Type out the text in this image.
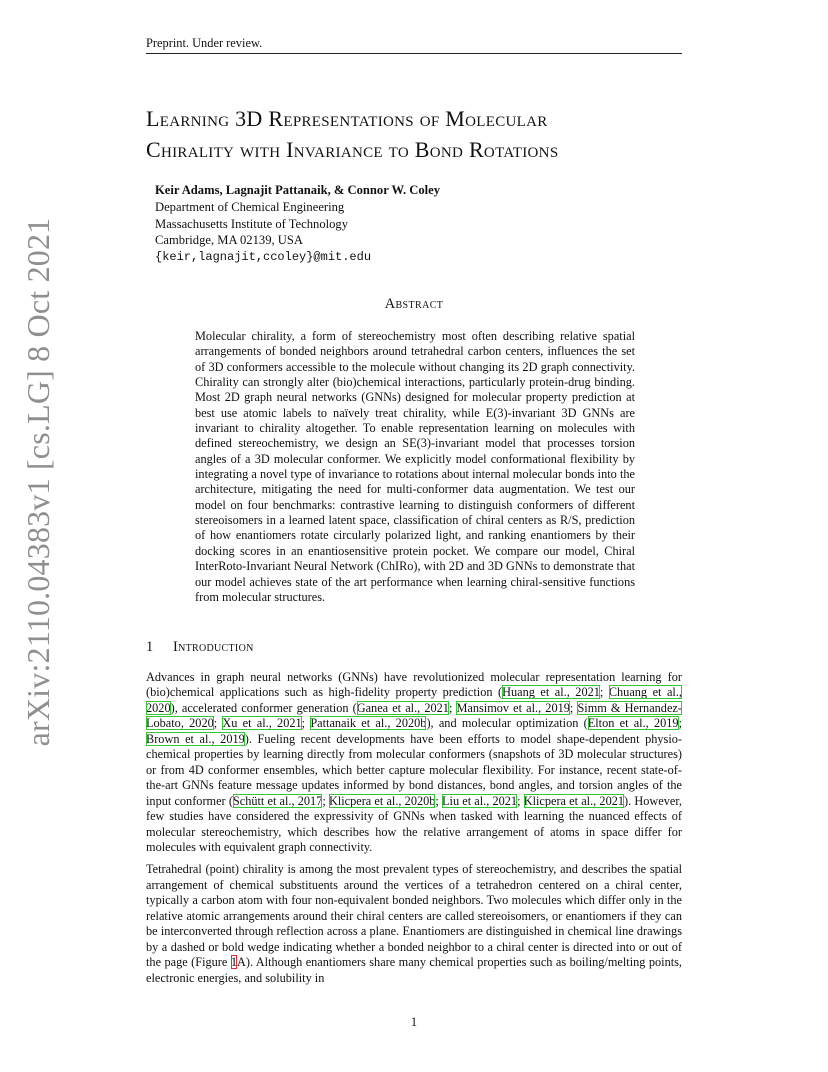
Preprint. Under review.
arXiv:2110.04383v1 [cs.LG] 8 Oct 2021
Learning 3D Representations of Molecular
Chirality with Invariance to Bond Rotations
Keir Adams, Lagnajit Pattanaik, & Connor W. Coley
Department of Chemical Engineering
Massachusetts Institute of Technology
Cambridge, MA 02139, USA
{keir,lagnajit,ccoley}@mit.edu
Abstract
Molecular chirality, a form of stereochemistry most often describing relative spatial arrangements of bonded neighbors around tetrahedral carbon centers, influences the set of 3D conformers accessible to the molecule without changing its 2D graph connectivity. Chirality can strongly alter (bio)chemical interactions, particularly protein-drug binding. Most 2D graph neural networks (GNNs) designed for molecular property prediction at best use atomic labels to naïvely treat chirality, while E(3)-invariant 3D GNNs are invariant to chirality altogether. To enable representation learning on molecules with defined stereochemistry, we design an SE(3)-invariant model that processes torsion angles of a 3D molecular conformer. We explicitly model conformational flexibility by integrating a novel type of invariance to rotations about internal molecular bonds into the architecture, mitigating the need for multi-conformer data augmentation. We test our model on four benchmarks: contrastive learning to distinguish conformers of different stereoisomers in a learned latent space, classification of chiral centers as R/S, prediction of how enantiomers rotate circularly polarized light, and ranking enantiomers by their docking scores in an enantiosensitive protein pocket. We compare our model, Chiral InterRoto-Invariant Neural Network (ChIRo), with 2D and 3D GNNs to demonstrate that our model achieves state of the art performance when learning chiral-sensitive functions from molecular structures.
1 Introduction

Advances in graph neural networks (GNNs) have revolutionized molecular representation learning for (bio)chemical applications such as high-fidelity property prediction (Huang et al., 2021; Chuang et al., 2020), accelerated conformer generation (Ganea et al., 2021; Mansimov et al., 2019; Simm & Hernandez-Lobato, 2020; Xu et al., 2021; Pattanaik et al., 2020b), and molecular optimization (Elton et al., 2019; Brown et al., 2019). Fueling recent developments have been efforts to model shape-dependent physio-chemical properties by learning directly from molecular conformers (snapshots of 3D molecular structures) or from 4D conformer ensembles, which better capture molecular flexibility. For instance, recent state-of-the-art GNNs feature message updates informed by bond distances, bond angles, and torsion angles of the input conformer (Schütt et al., 2017; Klicpera et al., 2020b; Liu et al., 2021; Klicpera et al., 2021). However, few studies have considered the expressivity of GNNs when tasked with learning the nuanced effects of molecular stereochemistry, which describes how the relative arrangement of atoms in space differ for molecules with equivalent graph connectivity.

Tetrahedral (point) chirality is among the most prevalent types of stereochemistry, and describes the spatial arrangement of chemical substituents around the vertices of a tetrahedron centered on a chiral center, typically a carbon atom with four non-equivalent bonded neighbors. Two molecules which differ only in the relative atomic arrangements around their chiral centers are called stereoisomers, or enantiomers if they can be interconverted through reflection across a plane. Enantiomers are distinguished in chemical line drawings by a dashed or bold wedge indicating whether a bonded neighbor to a chiral center is directed into or out of the page (Figure 1A). Although enantiomers share many chemical properties such as boiling/melting points, electronic energies, and solubility in

1
